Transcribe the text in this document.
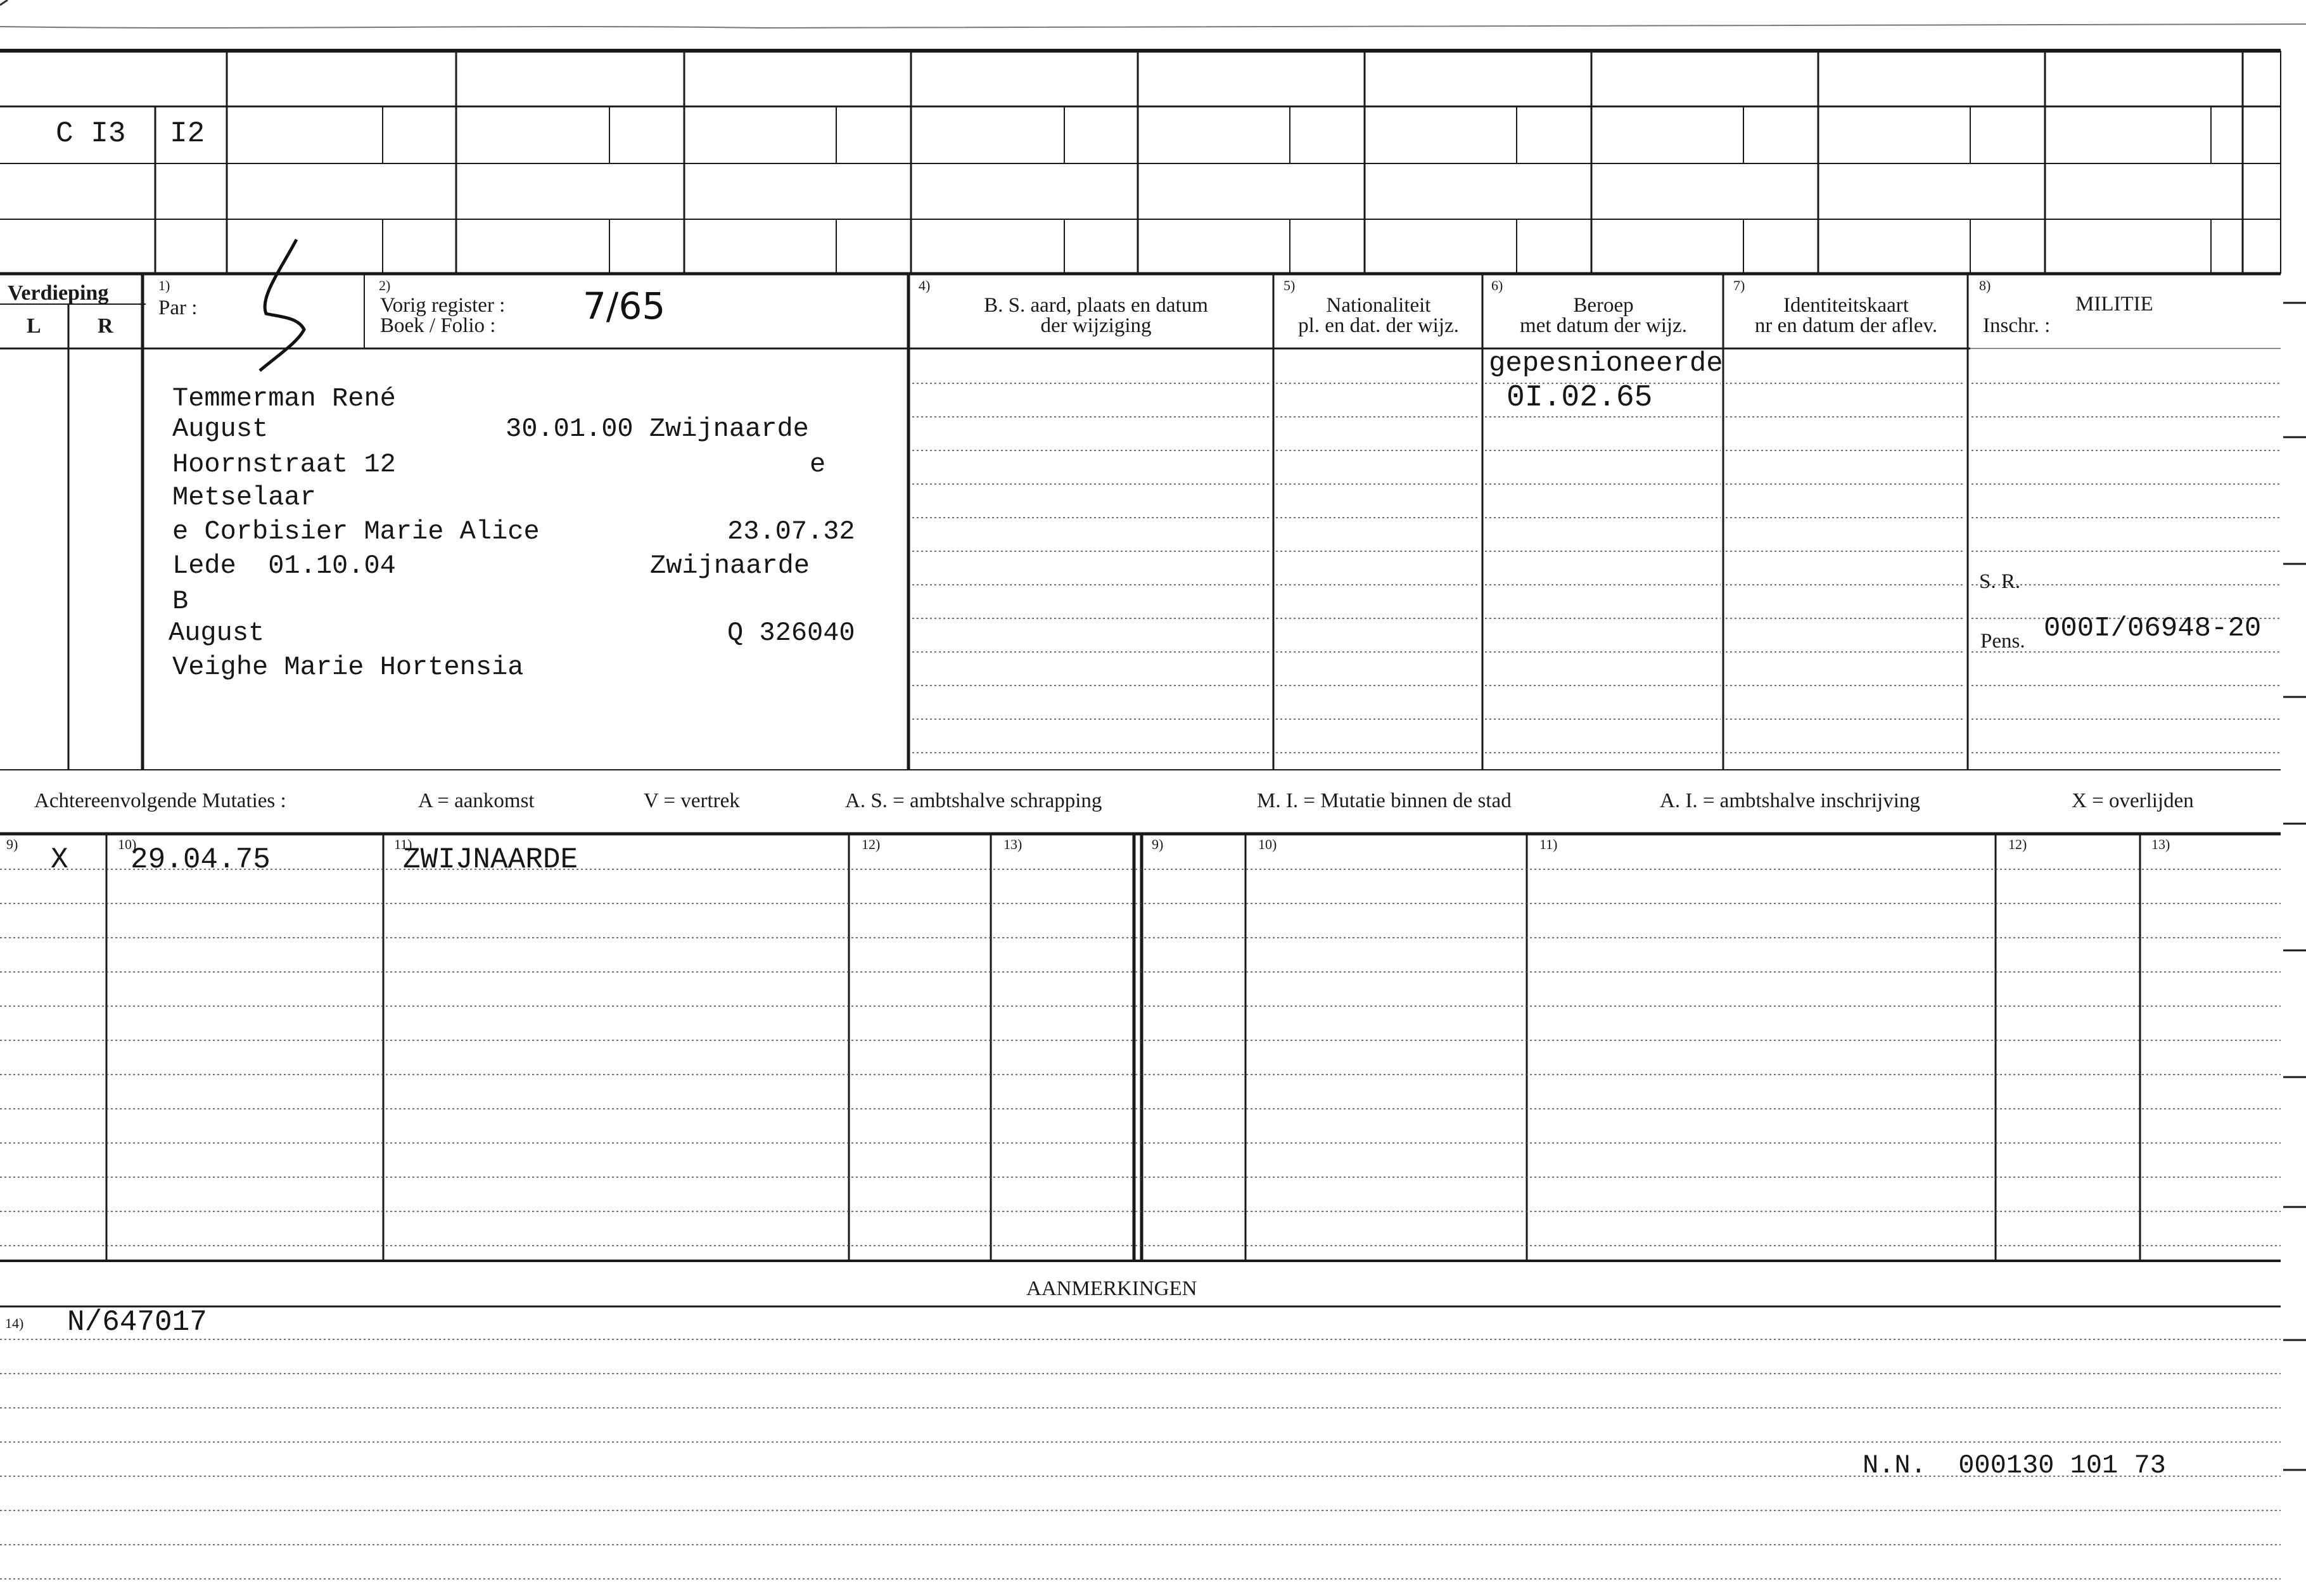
C I3 I2
Verdieping
L	R
1)
Par :
2)
Vorig register :
Boek / Folio : 7/65	4)
B. S. aard, plaats en datum
der wijziging
5)
Nationaliteit
pl. en dat. der wijz.
6)
Beroep
met datum der wijz.
7)
Identiteitskaart
nr en datum der aflev.
8)
MILITIE
Inschr. :
Temmerman René
August	30.01.00 Zwijnaarde
Hoornstraat 12	e
Metselaar
e Corbisier Marie Alice	23.07.32
Lede  01.10.04	Zwijnaarde
B
August	Q 326040
Veighe Marie Hortensia
gepesnioneerde
0I.02.65
S. R.
Pens. 000I/06948-20
Achtereenvolgende Mutaties :	A = aankomst	V = vertrek	A. S. = ambtshalve schrapping	M. I. = Mutatie binnen de stad	A. I. = ambtshalve inschrijving	X = overlijden
9)	10)	11)	12)	13)	9)	10)	11)	12)	13)
X 29.04.75	ZWIJNAARDE
AANMERKINGEN
14) N/647017
N.N.  000130 101 73
